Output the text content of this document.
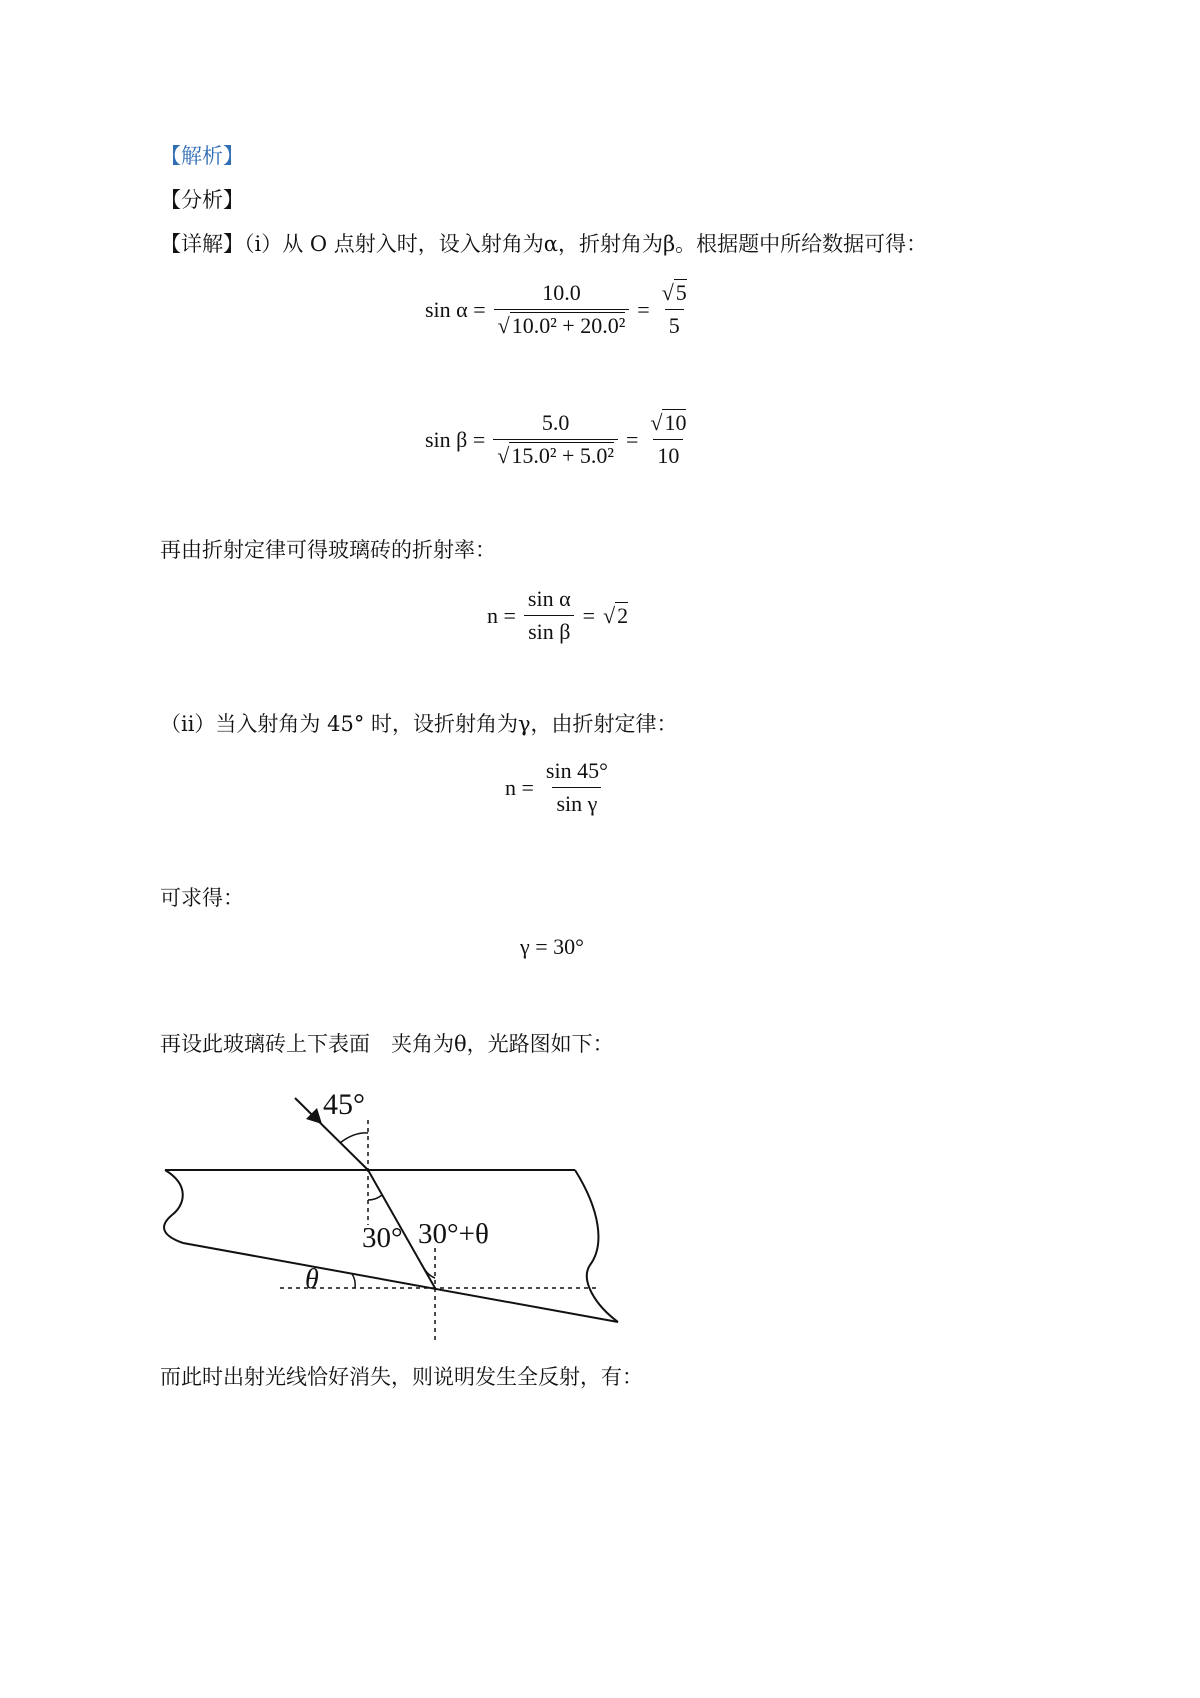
【解析】
【分析】
【详解】（i）从 O 点射入时，设入射角为α，折射角为β。根据题中所给数据可得：
$\sin \alpha = \frac{10.0}{\text{√10.0² + 20.0²}} = \frac{√5}{5}$
$\sin \beta = \frac{5.0}{\text{√15.0² + 5.0²}} = \frac{√10}{10}$
再由折射定律可得玻璃砖的折射率：
$n = \frac{\text{sin α}}{\text{sin β}} = √2$
（ii）当入射角为 45° 时，设折射角为γ，由折射定律：
$n = \frac{\sin 45^\circ}{\text{sin γ}}$
可求得：
γ = 30°
再设此玻璃砖上下表面　夹角为θ，光路图如下：
45°
30° 30°+θ
θ
而此时出射光线恰好消失，则说明发生全反射，有：
